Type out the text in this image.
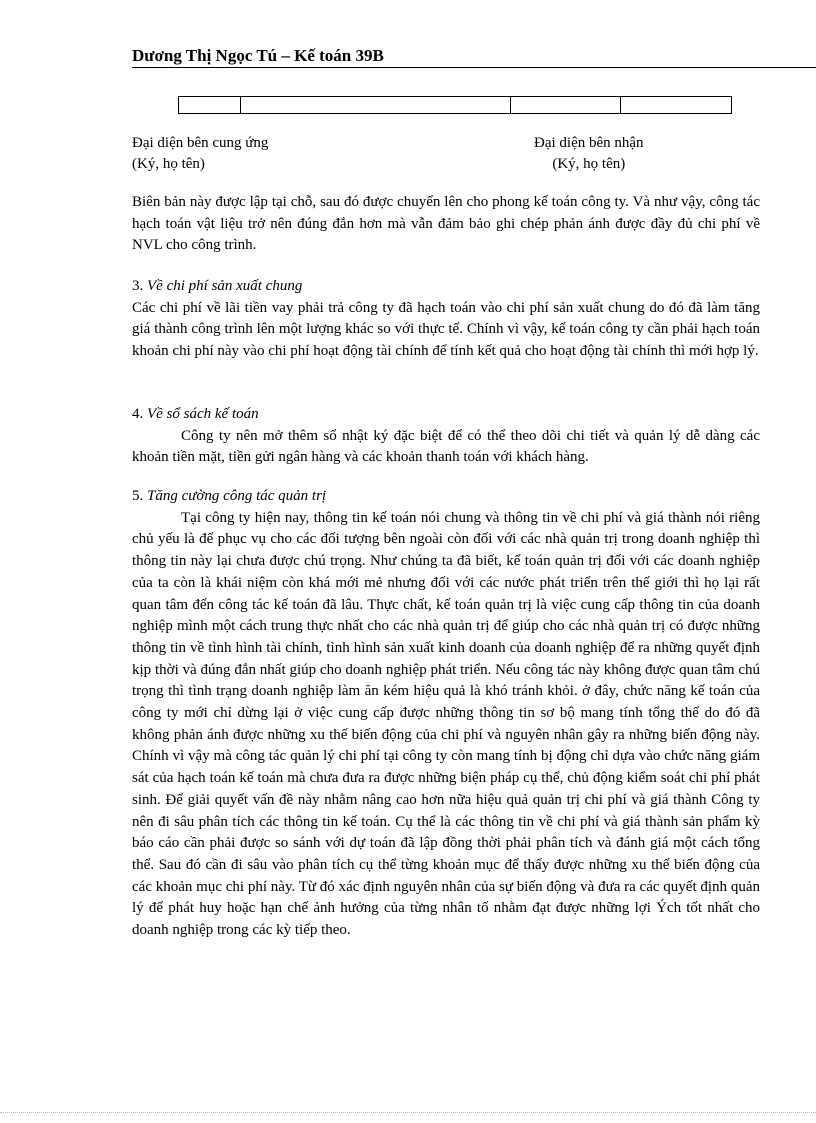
Dương Thị Ngọc Tú – Kế toán 39B

Đại diện bên cung ứng
(Ký, họ tên)
Đại diện bên nhận
(Ký, họ tên)

Biên bản này được lập tại chỗ, sau đó được chuyển lên cho phong kế toán công ty. Và như vậy, công tác hạch toán vật liệu trở nên đúng đắn hơn mà vẫn đảm bảo ghi chép phản ánh được đầy đủ chi phí về NVL cho công trình.

3. Về chi phí sản xuất chung

Các chi phí về lãi tiền vay phải trả công ty đã hạch toán vào chi phí sản xuất chung do đó đã làm tăng giá thành công trình lên một lượng khác so với thực tế. Chính vì vậy, kế toán công ty cần phải hạch toán khoản chi phí này vào chi phí hoạt động tài chính để tính kết quả cho hoạt động tài chính thì mới hợp lý.

4. Về sổ sách kế toán

Công ty nên mở thêm sổ nhật ký đặc biệt để có thể theo dõi chi tiết và quản lý dễ dàng các khoản tiền mặt, tiền gửi ngân hàng và các khoản thanh toán với khách hàng.

5. Tăng cường công tác quản trị

Tại công ty hiện nay, thông tin kế toán nói chung và thông tin về chi phí và giá thành nói riêng chủ yếu là để phục vụ cho các đối tượng bên ngoài còn đối với các nhà quản trị trong doanh nghiệp thì thông tin này lại chưa được chú trọng. Như chúng ta đã biết, kế toán quản trị đối với các doanh nghiệp của ta còn là khái niệm còn khá mới mẻ nhưng đối với các nước phát triển trên thế giới thì họ lại rất quan tâm đến công tác kế toán đã lâu. Thực chất, kế toán quản trị là việc cung cấp thông tin của doanh nghiệp mình một cách trung thực nhất cho các nhà quản trị để giúp cho các nhà quản trị có được những thông tin về tình hình tài chính, tình hình sản xuất kinh doanh của doanh nghiệp để ra những quyết định kịp thời và đúng đắn nhất giúp cho doanh nghiệp phát triển. Nếu công tác này không được quan tâm chú trọng thì tình trạng doanh nghiệp làm ăn kém hiệu quả là khó tránh khỏi. ở đây, chức năng kế toán của công ty mới chỉ dừng lại ở việc cung cấp được những thông tin sơ bộ mang tính tổng thể do đó đã không phản ánh được những xu thế biến động của chi phí và nguyên nhân gây ra những biến động này. Chính vì vậy mà công tác quản lý chi phí tại công ty còn mang tính bị động chỉ dựa vào chức năng giám sát của hạch toán kế toán mà chưa đưa ra được những biện pháp cụ thể, chủ động kiểm soát chi phí phát sinh. Để giải quyết vấn đề này nhằm nâng cao hơn nữa hiệu quả quản trị chi phí và giá thành Công ty nên đi sâu phân tích các thông tin kế toán. Cụ thể là các thông tin về chi phí và giá thành sản phẩm kỳ báo cáo cần phải được so sánh với dự toán đã lập đồng thời phải phân tích và đánh giá một cách tổng thể. Sau đó cần đi sâu vào phân tích cụ thể từng khoản mục để thấy được những xu thế biến động của các khoản mục chi phí này. Từ đó xác định nguyên nhân của sự biến động và đưa ra các quyết định quản lý để phát huy hoặc hạn chế ảnh hưởng của từng nhân tố nhằm đạt được những lợi Ých tốt nhất cho doanh nghiệp trong các kỳ tiếp theo.
